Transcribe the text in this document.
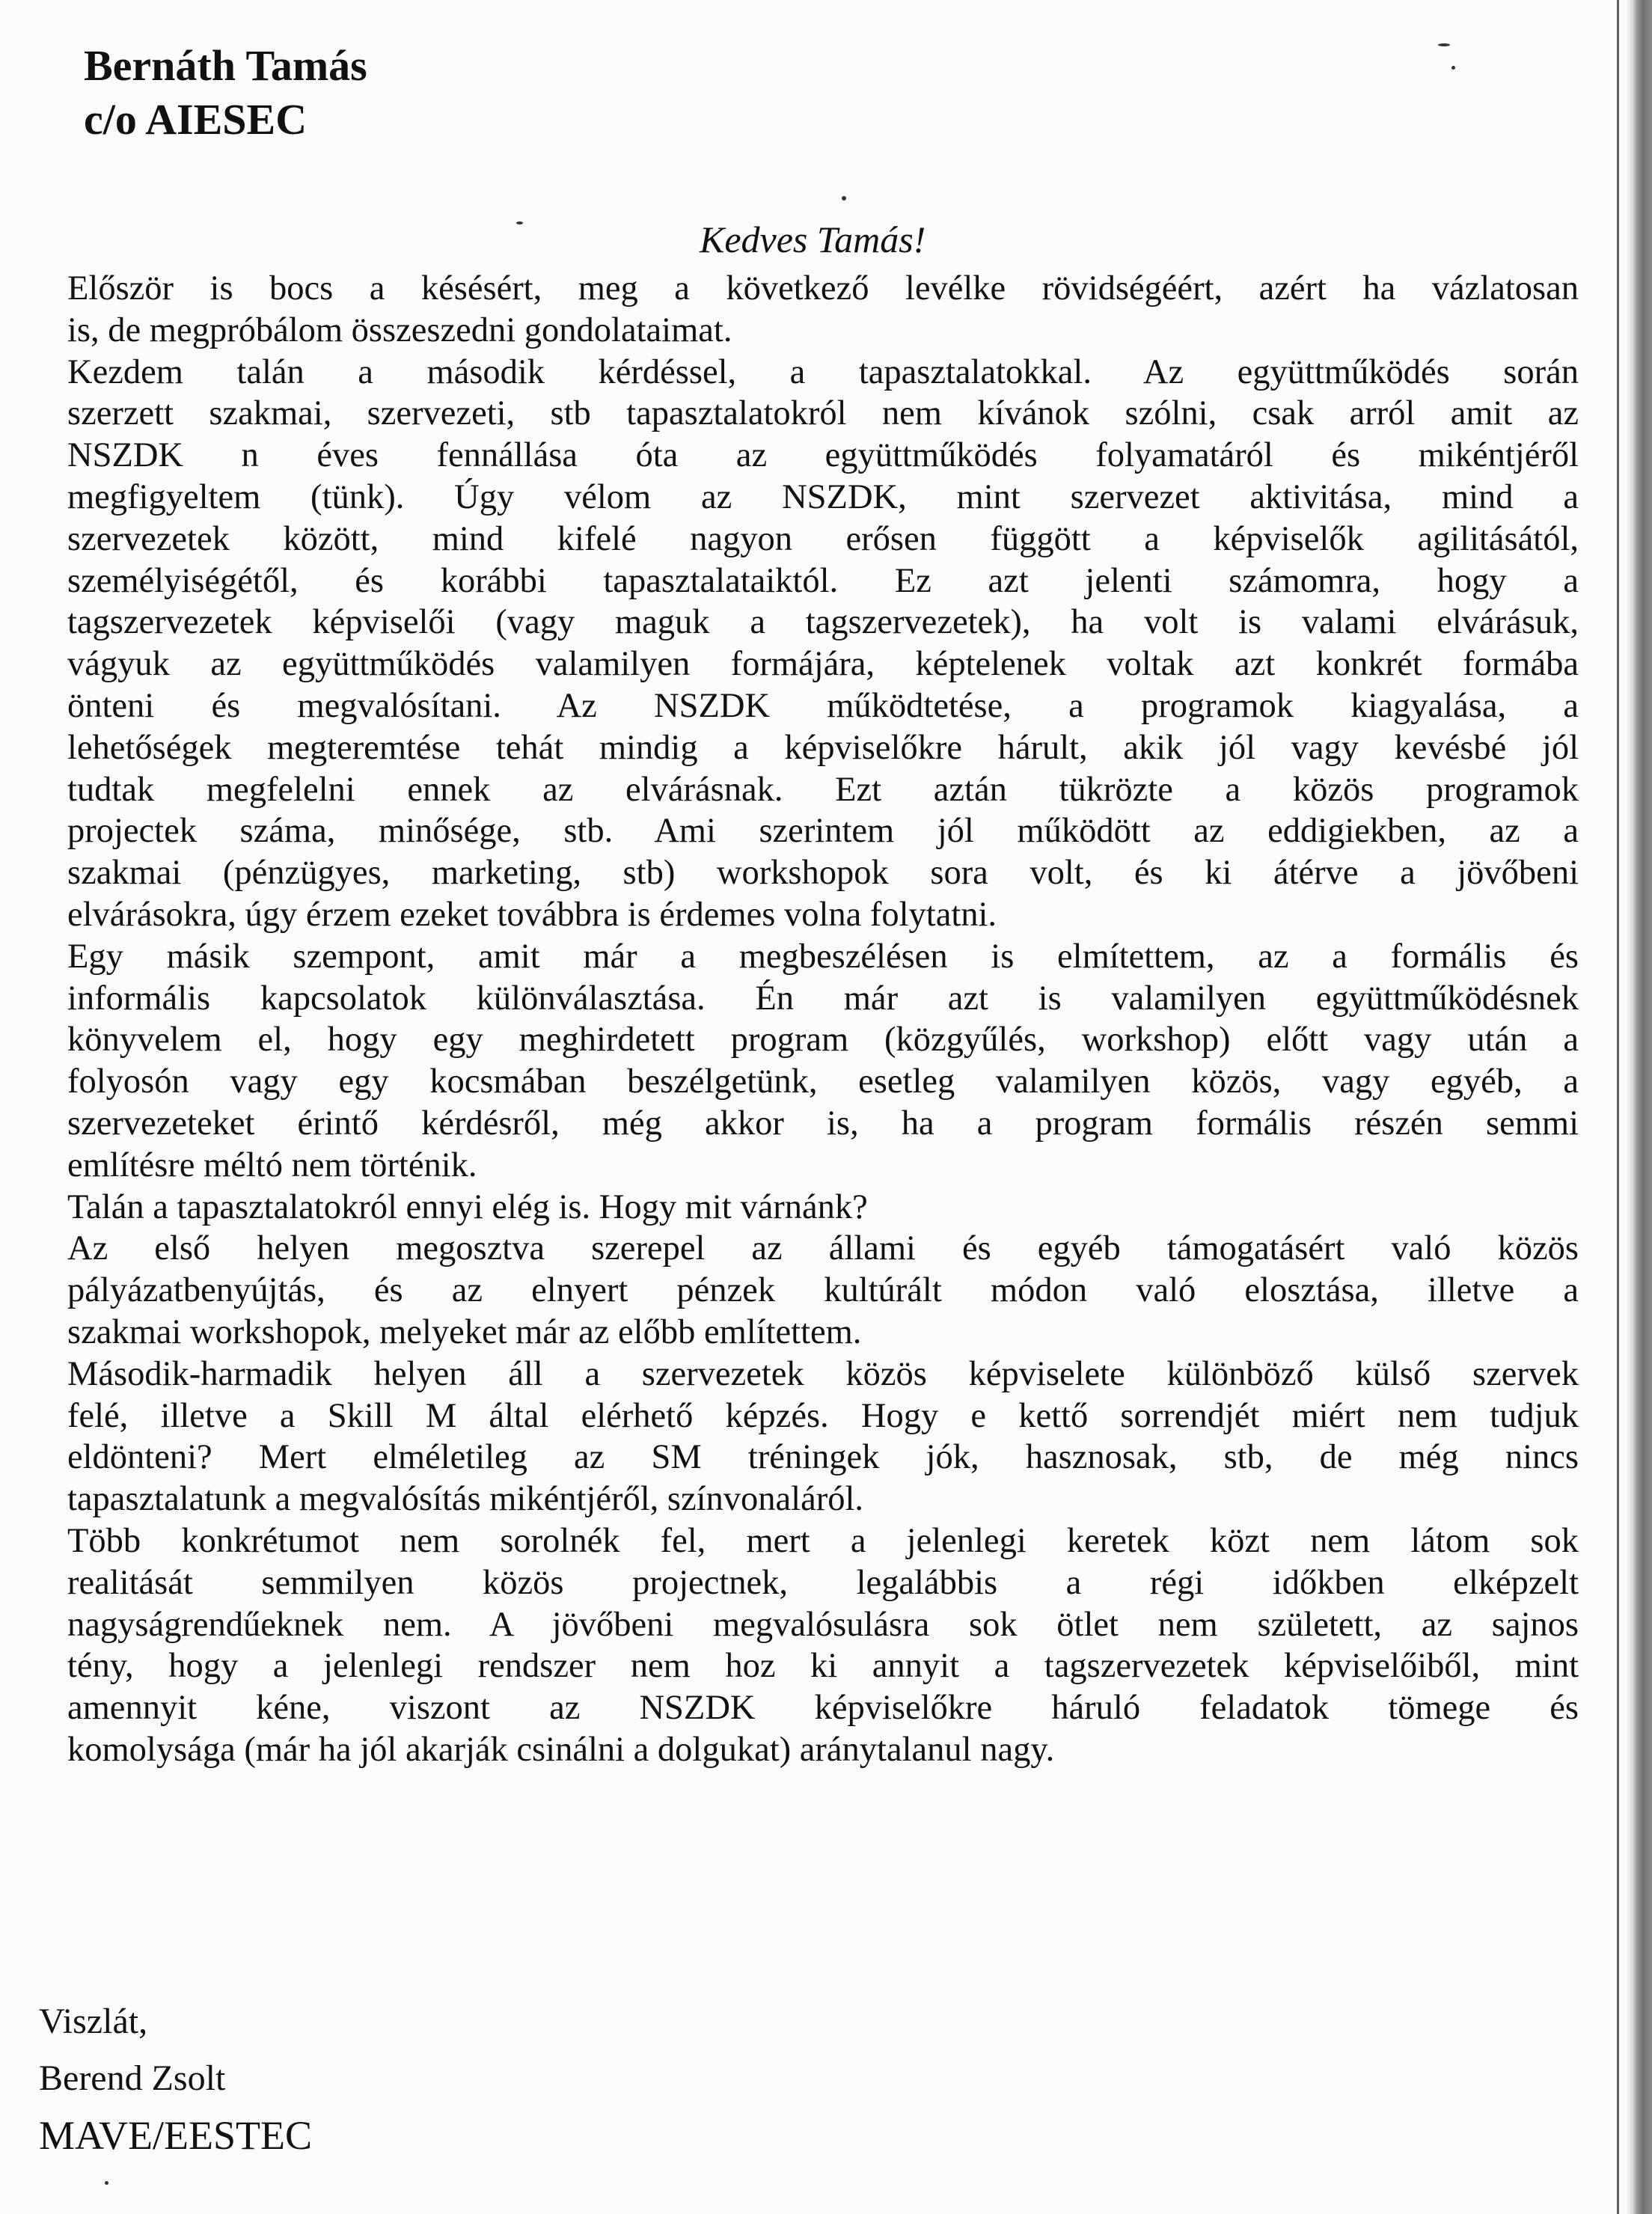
Bernáth Tamás
c/o AIESEC
Kedves Tamás!
Először is bocs a késésért, meg a következő levélke rövidségéért, azért ha vázlatosan
is, de megpróbálom összeszedni gondolataimat.
Kezdem talán a második kérdéssel, a tapasztalatokkal. Az együttműködés során
szerzett szakmai, szervezeti, stb tapasztalatokról nem kívánok szólni, csak arról amit az
NSZDK n éves fennállása óta az együttműködés folyamatáról és mikéntjéről
megfigyeltem (tünk). Úgy vélom az NSZDK, mint szervezet aktivitása, mind a
szervezetek között, mind kifelé nagyon erősen függött a képviselők agilitásától,
személyiségétől, és korábbi tapasztalataiktól. Ez azt jelenti számomra, hogy a
tagszervezetek képviselői (vagy maguk a tagszervezetek), ha volt is valami elvárásuk,
vágyuk az együttműködés valamilyen formájára, képtelenek voltak azt konkrét formába
önteni és megvalósítani. Az NSZDK működtetése, a programok kiagyalása, a
lehetőségek megteremtése tehát mindig a képviselőkre hárult, akik jól vagy kevésbé jól
tudtak megfelelni ennek az elvárásnak. Ezt aztán tükrözte a közös programok
projectek száma, minősége, stb. Ami szerintem jól működött az eddigiekben, az a
szakmai (pénzügyes, marketing, stb) workshopok sora volt, és ki átérve a jövőbeni
elvárásokra, úgy érzem ezeket továbbra is érdemes volna folytatni.
Egy másik szempont, amit már a megbeszélésen is elmítettem, az a formális és
informális kapcsolatok különválasztása. Én már azt is valamilyen együttműködésnek
könyvelem el, hogy egy meghirdetett program (közgyűlés, workshop) előtt vagy után a
folyosón vagy egy kocsmában beszélgetünk, esetleg valamilyen közös, vagy egyéb, a
szervezeteket érintő kérdésről, még akkor is, ha a program formális részén semmi
említésre méltó nem történik.
Talán a tapasztalatokról ennyi elég is. Hogy mit várnánk?
Az első helyen megosztva szerepel az állami és egyéb támogatásért való közös
pályázatbenyújtás, és az elnyert pénzek kultúrált módon való elosztása, illetve a
szakmai workshopok, melyeket már az előbb említettem.
Második-harmadik helyen áll a szervezetek közös képviselete különböző külső szervek
felé, illetve a Skill M által elérhető képzés. Hogy e kettő sorrendjét miért nem tudjuk
eldönteni? Mert elméletileg az SM tréningek jók, hasznosak, stb, de még nincs
tapasztalatunk a megvalósítás mikéntjéről, színvonaláról.
Több konkrétumot nem sorolnék fel, mert a jelenlegi keretek közt nem látom sok
realitását semmilyen közös projectnek, legalábbis a régi időkben elképzelt
nagyságrendűeknek nem. A jövőbeni megvalósulásra sok ötlet nem született, az sajnos
tény, hogy a jelenlegi rendszer nem hoz ki annyit a tagszervezetek képviselőiből, mint
amennyit kéne, viszont az NSZDK képviselőkre háruló feladatok tömege és
komolysága (már ha jól akarják csinálni a dolgukat) aránytalanul nagy.
Viszlát,
Berend Zsolt
MAVE/EESTEC
